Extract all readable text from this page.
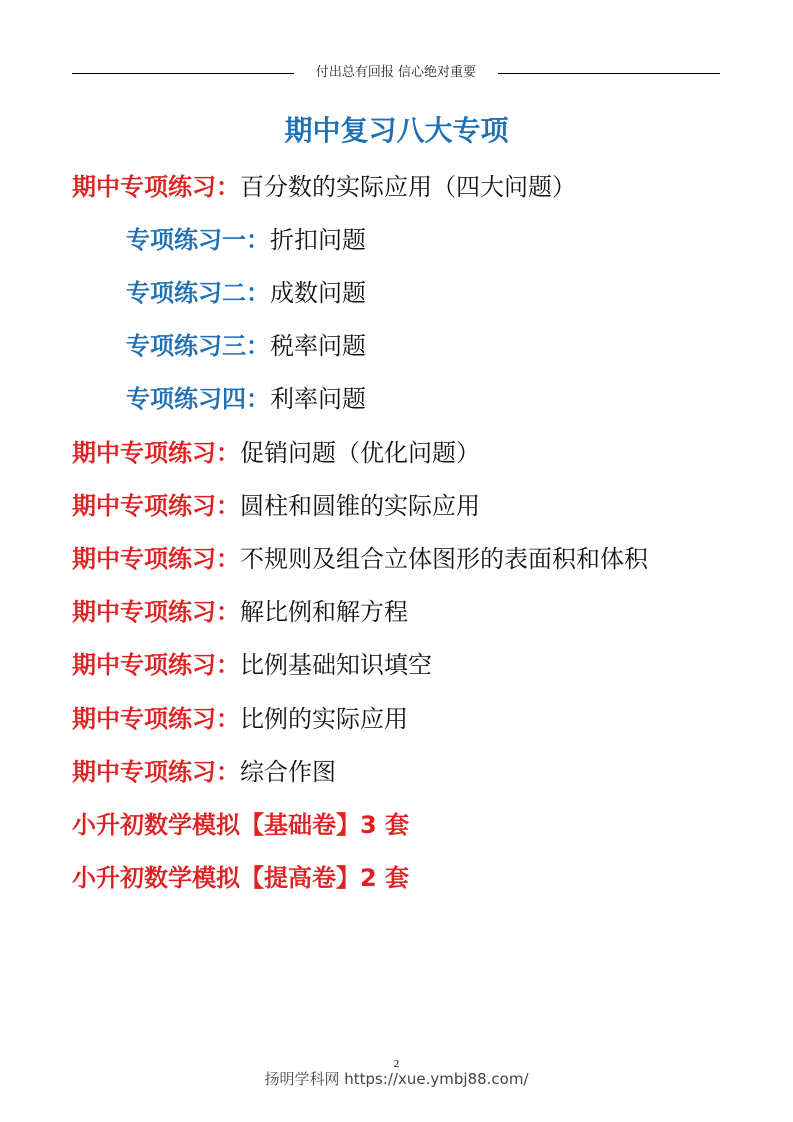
付出总有回报 信心绝对重要
期中复习八大专项
期中专项练习：百分数的实际应用（四大问题）
专项练习一：折扣问题
专项练习二：成数问题
专项练习三：税率问题
专项练习四：利率问题
期中专项练习：促销问题（优化问题）
期中专项练习：圆柱和圆锥的实际应用
期中专项练习：不规则及组合立体图形的表面积和体积
期中专项练习：解比例和解方程
期中专项练习：比例基础知识填空
期中专项练习：比例的实际应用
期中专项练习：综合作图
小升初数学模拟【基础卷】3 套
小升初数学模拟【提高卷】2 套
2
扬明学科网 https://xue.ymbj88.com/
